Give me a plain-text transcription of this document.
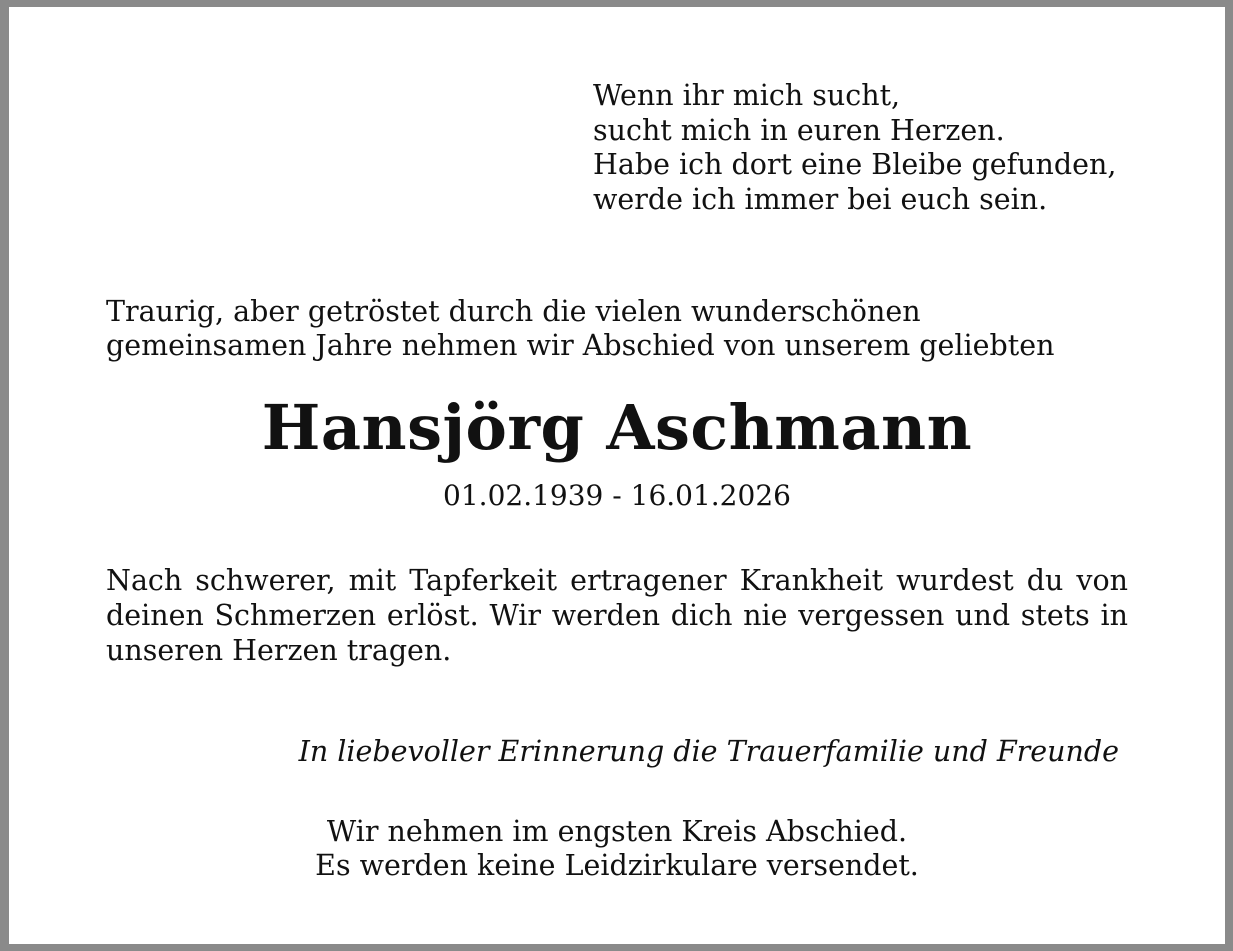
Wenn ihr mich sucht,
sucht mich in euren Herzen.
Habe ich dort eine Bleibe gefunden,
werde ich immer bei euch sein.
Traurig, aber getröstet durch die vielen wunderschönen
gemeinsamen Jahre nehmen wir Abschied von unserem geliebten
Hansjörg Aschmann
01.02.1939 - 16.01.2026
Nach schwerer, mit Tapferkeit ertragener Krankheit wurdest du von
deinen Schmerzen erlöst. Wir werden dich nie vergessen und stets in
unseren Herzen tragen.
In liebevoller Erinnerung die Trauerfamilie und Freunde
Wir nehmen im engsten Kreis Abschied.
Es werden keine Leidzirkulare versendet.
